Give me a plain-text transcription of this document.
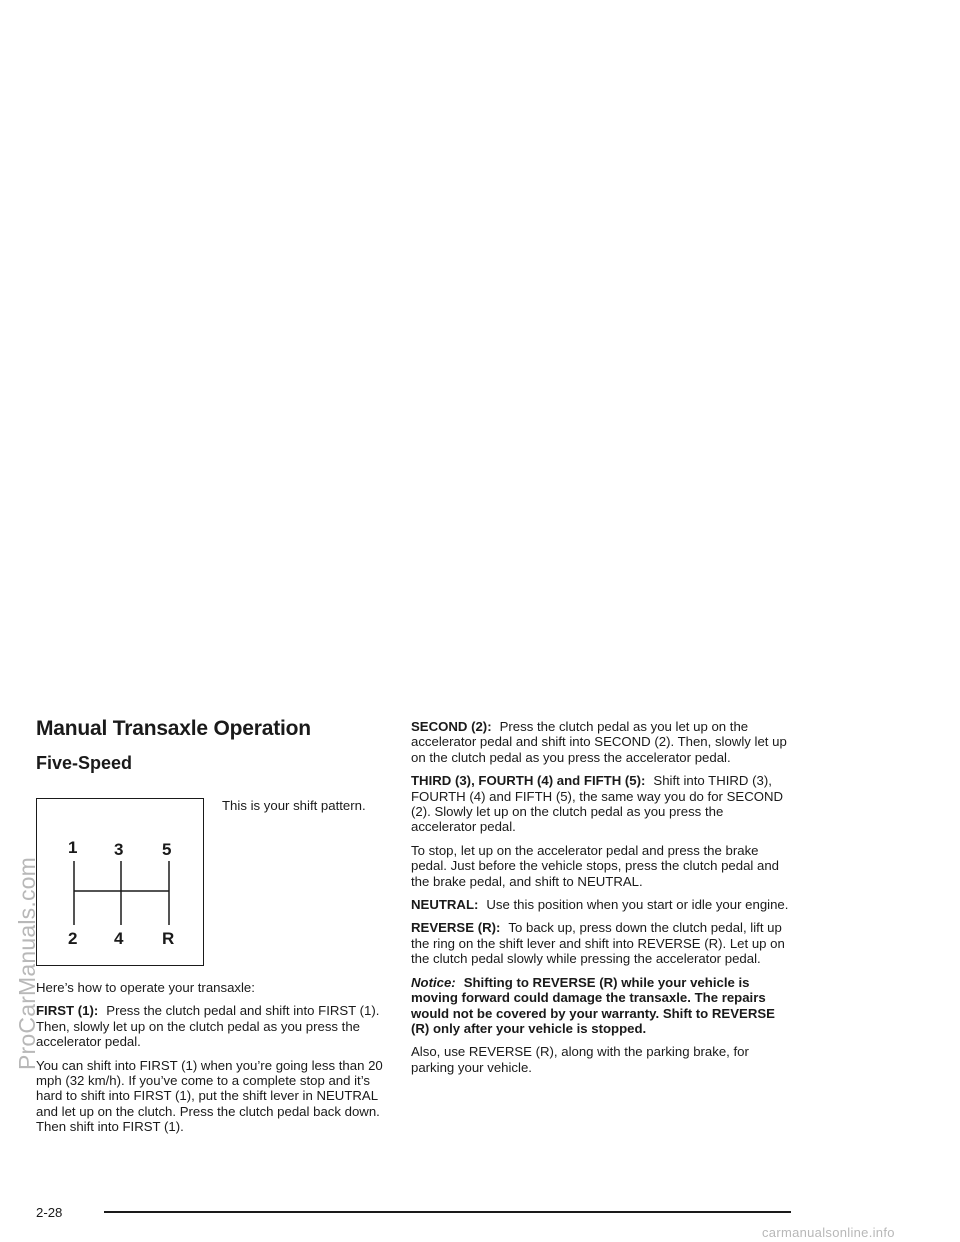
Manual Transaxle Operation
Five-Speed
1 3 5
2 4 R
This is your shift pattern.

Here’s how to operate your transaxle:

FIRST (1): Press the clutch pedal and shift into FIRST (1). Then, slowly let up on the clutch pedal as you press the accelerator pedal.

You can shift into FIRST (1) when you’re going less than 20 mph (32 km/h). If you’ve come to a complete stop and it’s hard to shift into FIRST (1), put the shift lever in NEUTRAL and let up on the clutch. Press the clutch pedal back down. Then shift into FIRST (1).

SECOND (2): Press the clutch pedal as you let up on the accelerator pedal and shift into SECOND (2). Then, slowly let up on the clutch pedal as you press the accelerator pedal.

THIRD (3), FOURTH (4) and FIFTH (5): Shift into THIRD (3), FOURTH (4) and FIFTH (5), the same way you do for SECOND (2). Slowly let up on the clutch pedal as you press the accelerator pedal.

To stop, let up on the accelerator pedal and press the brake pedal. Just before the vehicle stops, press the clutch pedal and the brake pedal, and shift to NEUTRAL.

NEUTRAL: Use this position when you start or idle your engine.

REVERSE (R): To back up, press down the clutch pedal, lift up the ring on the shift lever and shift into REVERSE (R). Let up on the clutch pedal slowly while pressing the accelerator pedal.

Notice: Shifting to REVERSE (R) while your vehicle is moving forward could damage the transaxle. The repairs would not be covered by your warranty. Shift to REVERSE (R) only after your vehicle is stopped.

Also, use REVERSE (R), along with the parking brake, for parking your vehicle.

2-28
ProCarManuals.com
carmanualsonline.info
